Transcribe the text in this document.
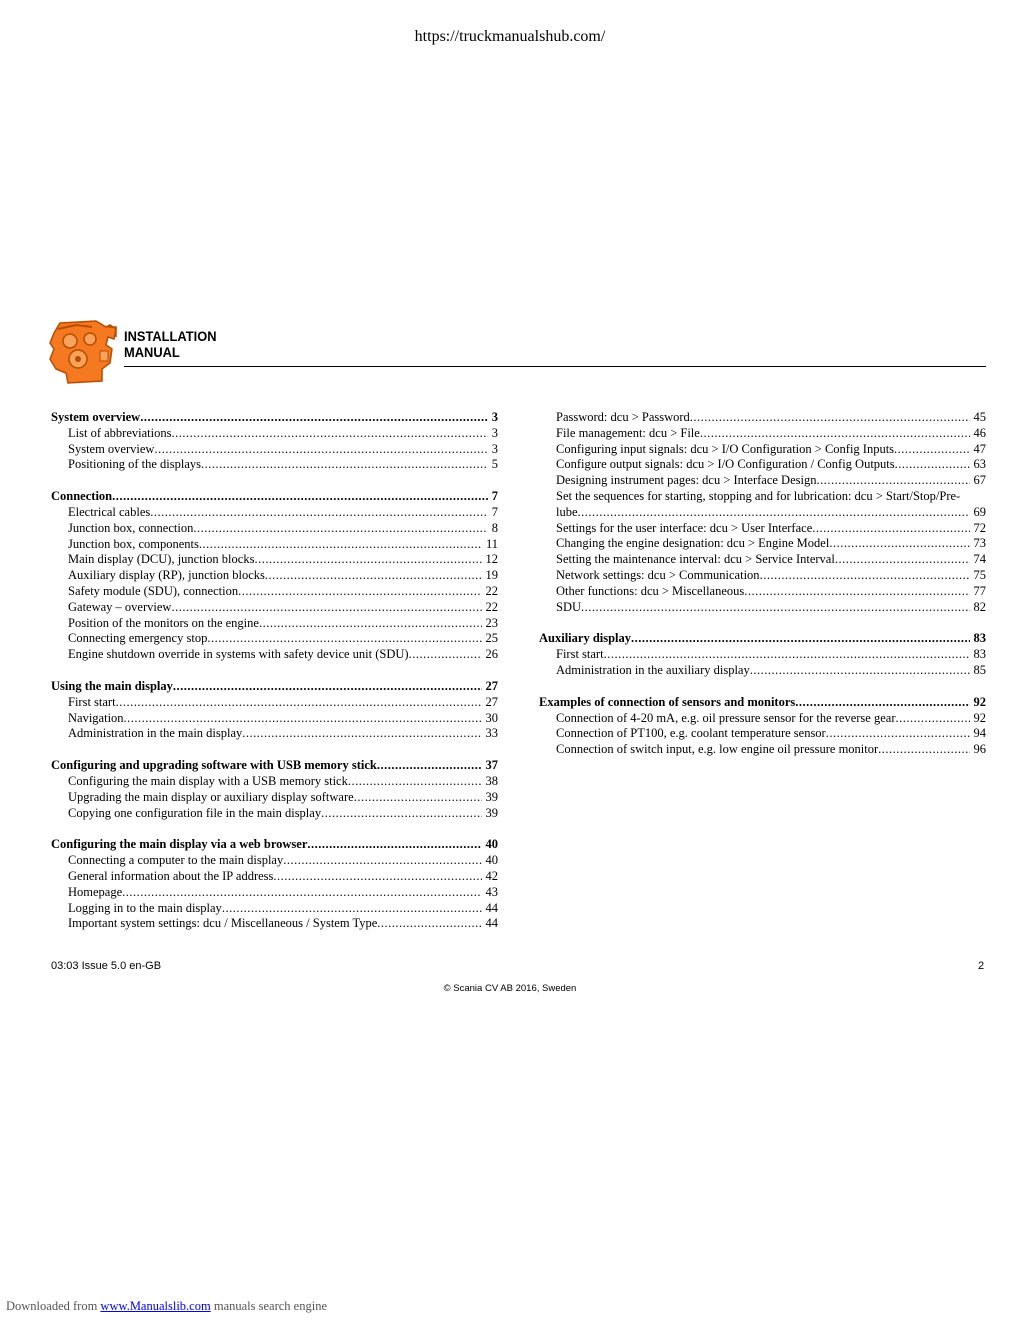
https://truckmanualshub.com/
INSTALLATION
MANUAL
System overview .....	3
List of abbreviations .....	3
System overview .....	3
Positioning of the displays .....	5
Connection .....	7
Electrical cables .....	7
Junction box, connection .....	8
Junction box, components .....	11
Main display (DCU), junction blocks .....	12
Auxiliary display (RP), junction blocks .....	19
Safety module (SDU), connection .....	22
Gateway – overview .....	22
Position of the monitors on the engine .....	23
Connecting emergency stop .....	25
Engine shutdown override in systems with safety device unit (SDU) .....	26
Using the main display .....	27
First start .....	27
Navigation .....	30
Administration in the main display .....	33
Configuring and upgrading software with USB memory stick .....	37
Configuring the main display with a USB memory stick .....	38
Upgrading the main display or auxiliary display software .....	39
Copying one configuration file in the main display .....	39
Configuring the main display via a web browser .....	40
Connecting a computer to the main display .....	40
General information about the IP address .....	42
Homepage .....	43
Logging in to the main display .....	44
Important system settings: dcu / Miscellaneous / System Type .....	44
Password: dcu > Password .....	45
File management: dcu > File .....	46
Configuring input signals: dcu > I/O Configuration > Config Inputs .....	47
Configure output signals: dcu > I/O Configuration / Config Outputs .....	63
Designing instrument pages: dcu > Interface Design .....	67
Set the sequences for starting, stopping and for lubrication: dcu > Start/Stop/Pre-
lube .....	69
Settings for the user interface: dcu > User Interface .....	72
Changing the engine designation: dcu > Engine Model .....	73
Setting the maintenance interval: dcu > Service Interval .....	74
Network settings: dcu > Communication .....	75
Other functions: dcu > Miscellaneous .....	77
SDU .....	82
Auxiliary display .....	83
First start .....	83
Administration in the auxiliary display .....	85
Examples of connection of sensors and monitors .....	92
Connection of 4-20 mA, e.g. oil pressure sensor for the reverse gear .....	92
Connection of PT100, e.g. coolant temperature sensor .....	94
Connection of switch input, e.g. low engine oil pressure monitor .....	96
03:03 Issue 5.0 en-GB	2
© Scania CV AB 2016, Sweden
Downloaded from www.Manualslib.com manuals search engine
